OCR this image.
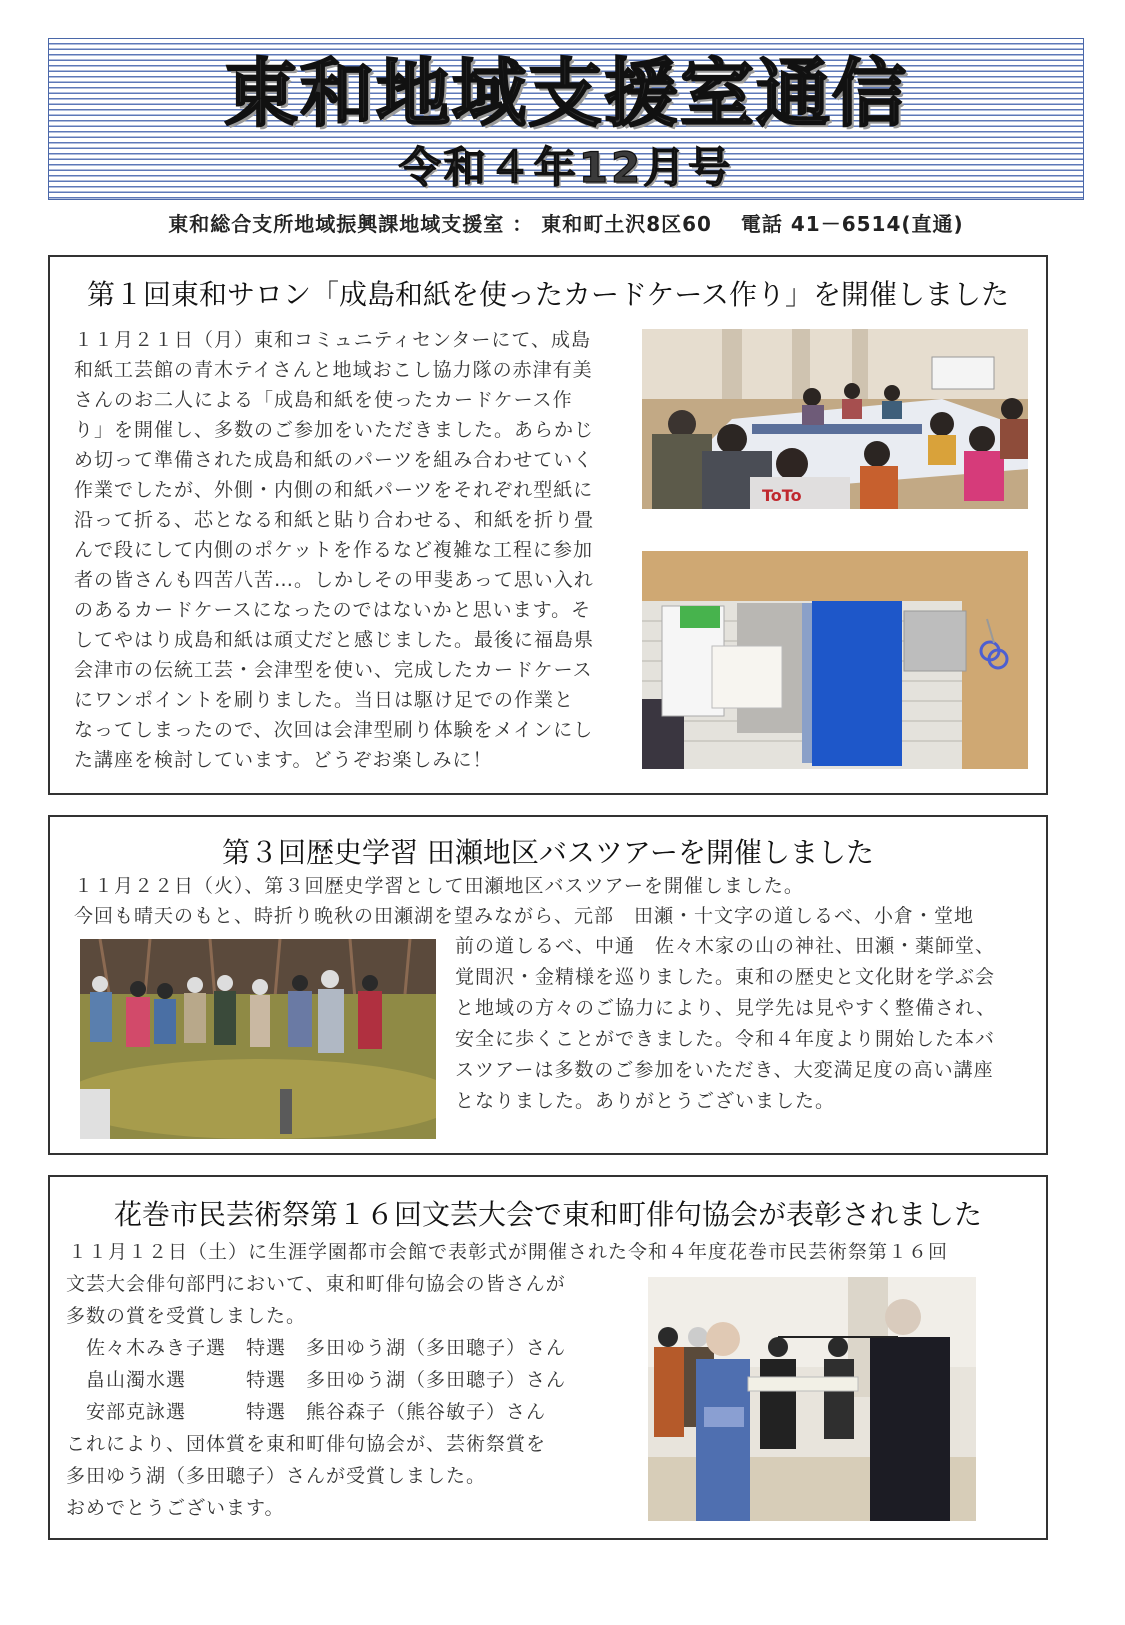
東和地域支援室通信
令和４年12月号
東和総合支所地域振興課地域支援室 ： 東和町土沢8区60　 電話 41－6514(直通)
第１回東和サロン「成島和紙を使ったカードケース作り」を開催しました
１１月２１日（月）東和コミュニティセンターにて、成島
和紙工芸館の青木テイさんと地域おこし協力隊の赤津有美
さんのお二人による「成島和紙を使ったカードケース作
り」を開催し、多数のご参加をいただきました。あらかじ
め切って準備された成島和紙のパーツを組み合わせていく
作業でしたが、外側・内側の和紙パーツをそれぞれ型紙に
沿って折る、芯となる和紙と貼り合わせる、和紙を折り畳
んで段にして内側のポケットを作るなど複雑な工程に参加
者の皆さんも四苦八苦…。しかしその甲斐あって思い入れ
のあるカードケースになったのではないかと思います。そ
してやはり成島和紙は頑丈だと感じました。最後に福島県
会津市の伝統工芸・会津型を使い、完成したカードケース
にワンポイントを刷りました。当日は駆け足での作業と
なってしまったので、次回は会津型刷り体験をメインにし
た講座を検討しています。どうぞお楽しみに！
ToTo
第３回歴史学習 田瀬地区バスツアーを開催しました
１１月２２日（火）、第３回歴史学習として田瀬地区バスツアーを開催しました。
今回も晴天のもと、時折り晩秋の田瀬湖を望みながら、元部　田瀬・十文字の道しるべ、小倉・堂地
前の道しるべ、中通　佐々木家の山の神社、田瀬・薬師堂、
覚間沢・金精様を巡りました。東和の歴史と文化財を学ぶ会
と地域の方々のご協力により、見学先は見やすく整備され、
安全に歩くことができました。令和４年度より開始した本バ
スツアーは多数のご参加をいただき、大変満足度の高い講座
となりました。ありがとうございました。
花巻市民芸術祭第１６回文芸大会で東和町俳句協会が表彰されました
１１月１２日（土）に生涯学園都市会館で表彰式が開催された令和４年度花巻市民芸術祭第１６回
文芸大会俳句部門において、東和町俳句協会の皆さんが
多数の賞を受賞しました。
　佐々木みき子選　特選　多田ゆう湖（多田聰子）さん
　畠山濁水選　　　特選　多田ゆう湖（多田聰子）さん
　安部克詠選　　　特選　熊谷森子（熊谷敏子）さん
これにより、団体賞を東和町俳句協会が、芸術祭賞を
多田ゆう湖（多田聰子）さんが受賞しました。
おめでとうございます。
